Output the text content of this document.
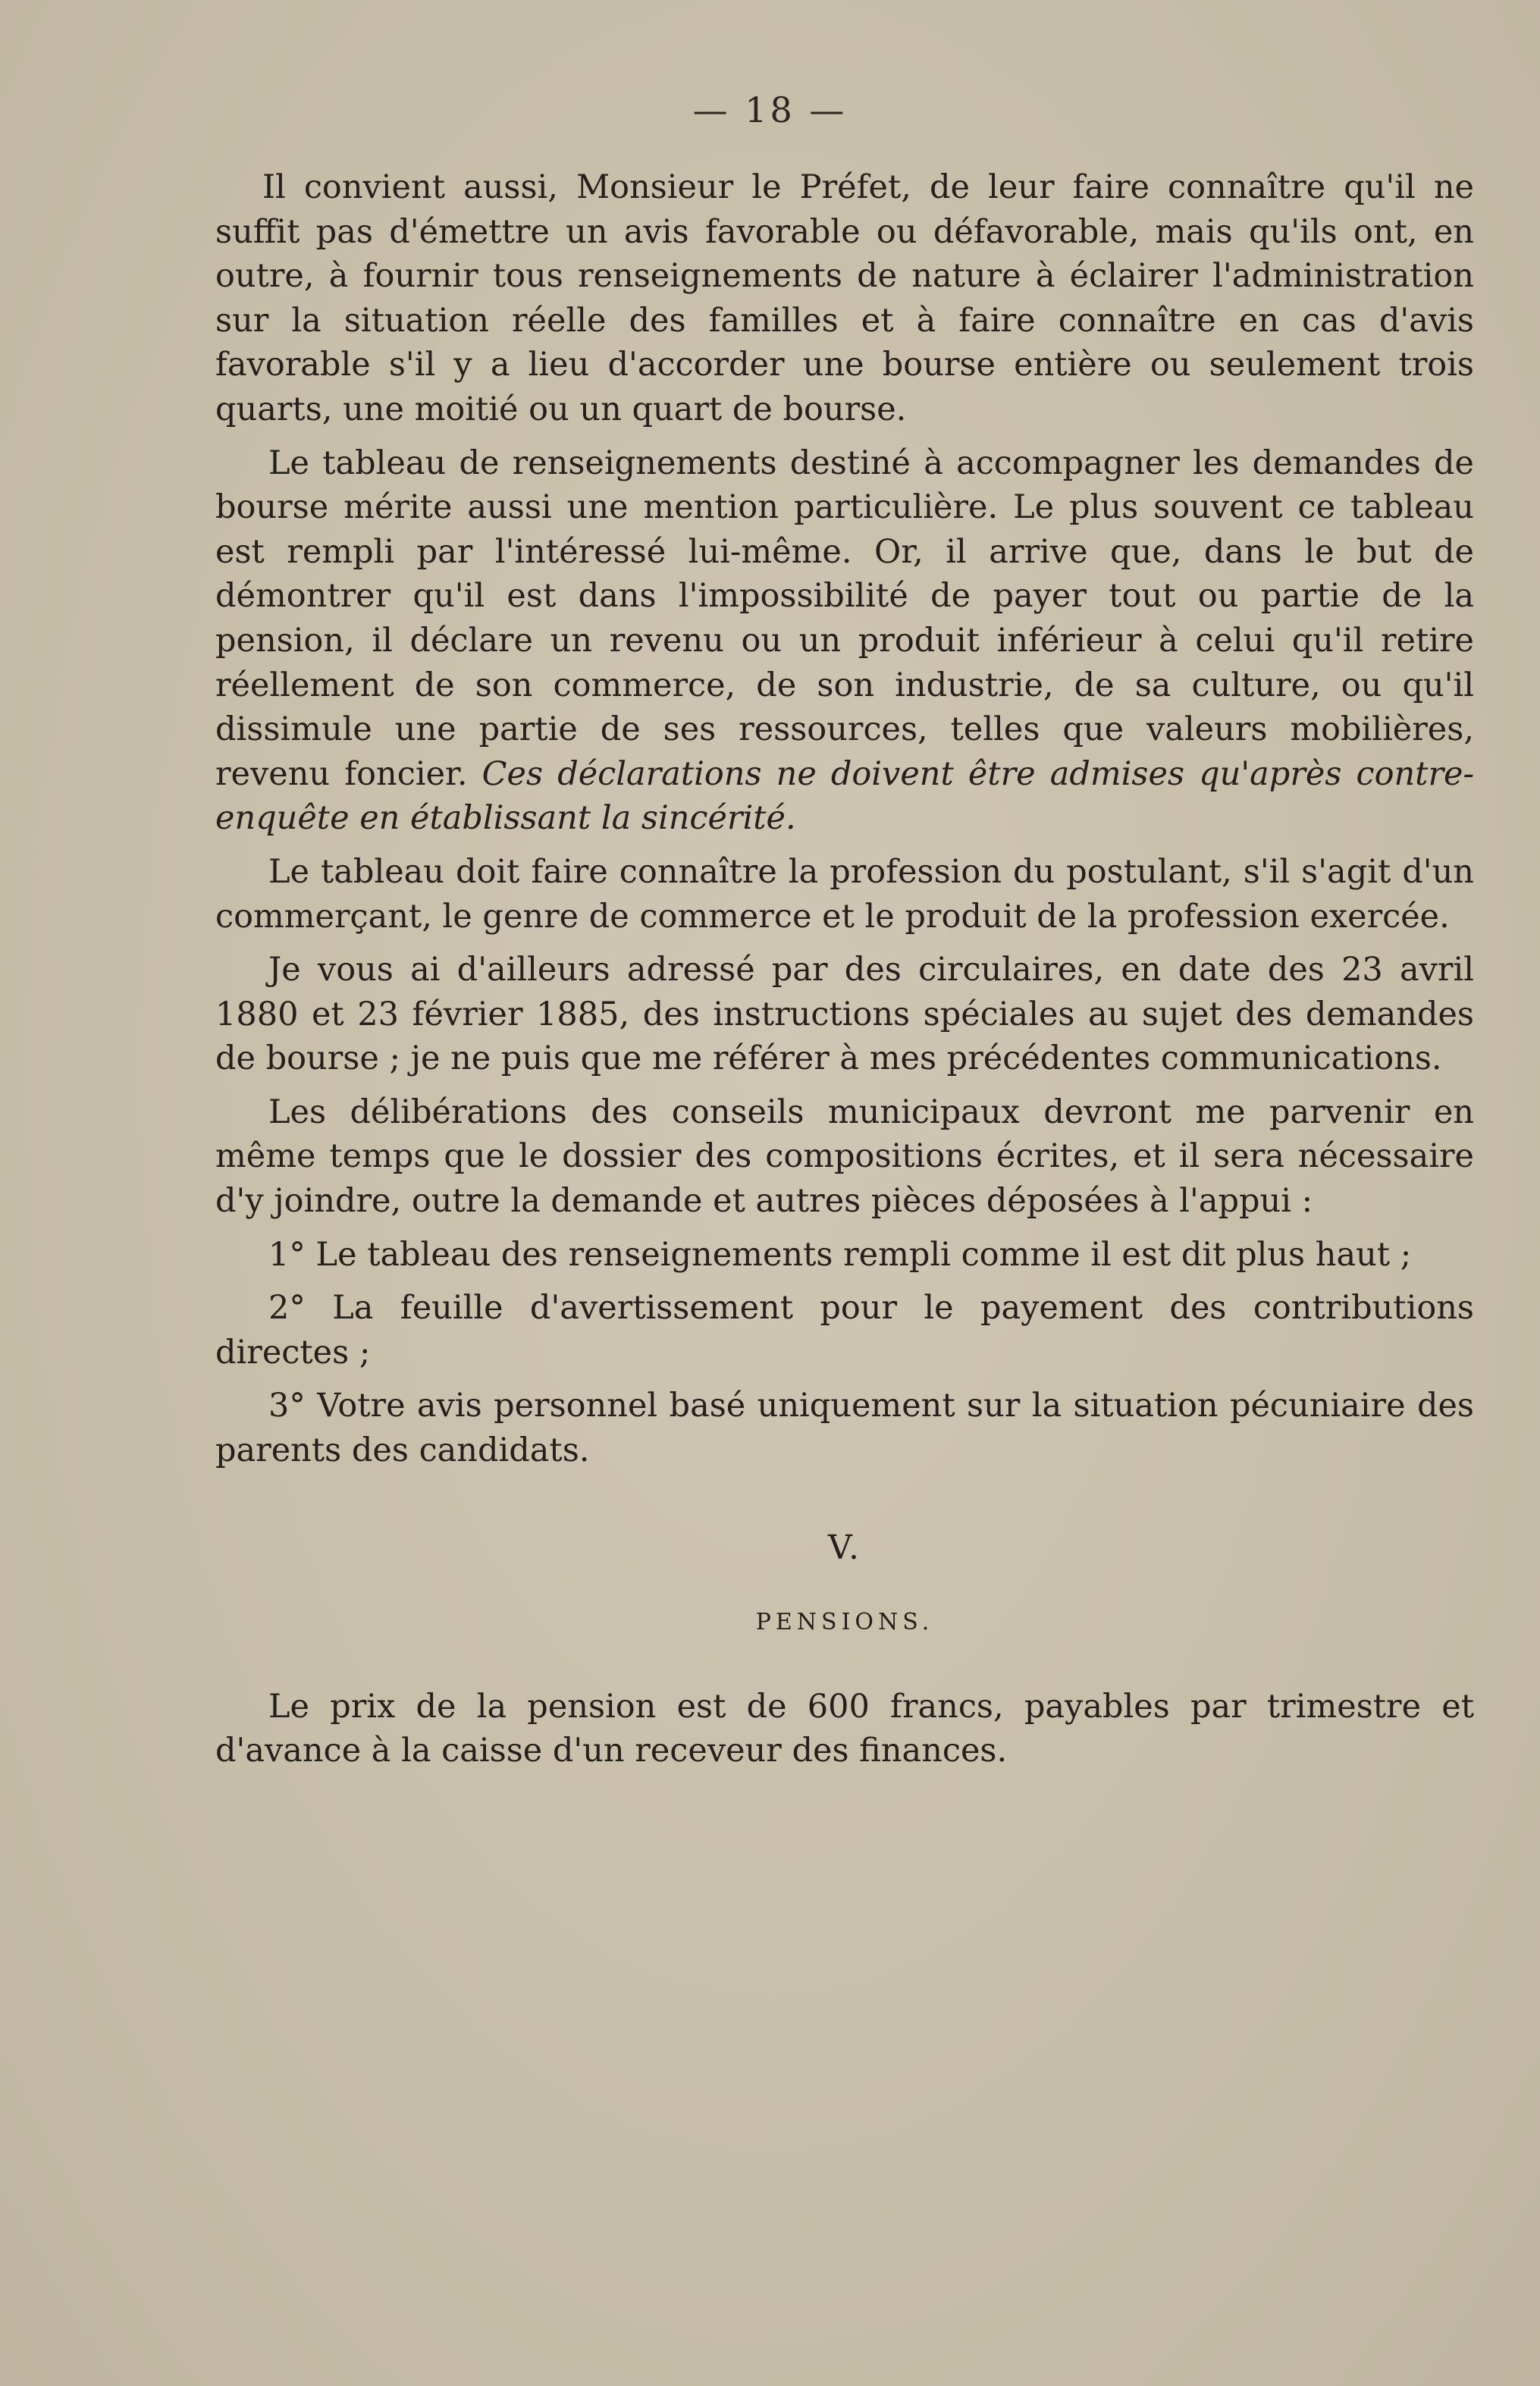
— 18 —

Il convient aussi, Monsieur le Préfet, de leur faire connaître qu'il ne suffit pas d'émettre un avis favorable ou défavorable, mais qu'ils ont, en outre, à fournir tous renseignements de nature à éclairer l'administration sur la situation réelle des familles et à faire connaître en cas d'avis favorable s'il y a lieu d'accorder une bourse entière ou seulement trois quarts, une moitié ou un quart de bourse.

Le tableau de renseignements destiné à accompagner les demandes de bourse mérite aussi une mention particulière. Le plus souvent ce tableau est rempli par l'intéressé lui-même. Or, il arrive que, dans le but de démontrer qu'il est dans l'impossibilité de payer tout ou partie de la pension, il déclare un revenu ou un produit inférieur à celui qu'il retire réellement de son commerce, de son industrie, de sa culture, ou qu'il dissimule une partie de ses ressources, telles que valeurs mobilières, revenu foncier. Ces déclarations ne doivent être admises qu'après contre-enquête en établissant la sincérité.

Le tableau doit faire connaître la profession du postulant, s'il s'agit d'un commerçant, le genre de commerce et le produit de la profession exercée.

Je vous ai d'ailleurs adressé par des circulaires, en date des 23 avril 1880 et 23 février 1885, des instructions spéciales au sujet des demandes de bourse ; je ne puis que me référer à mes précédentes communications.

Les délibérations des conseils municipaux devront me parvenir en même temps que le dossier des compositions écrites, et il sera nécessaire d'y joindre, outre la demande et autres pièces déposées à l'appui :

1° Le tableau des renseignements rempli comme il est dit plus haut ;

2° La feuille d'avertissement pour le payement des contributions directes ;

3° Votre avis personnel basé uniquement sur la situation pécuniaire des parents des candidats.

V.
PENSIONS.

Le prix de la pension est de 600 francs, payables par trimestre et d'avance à la caisse d'un receveur des finances.
